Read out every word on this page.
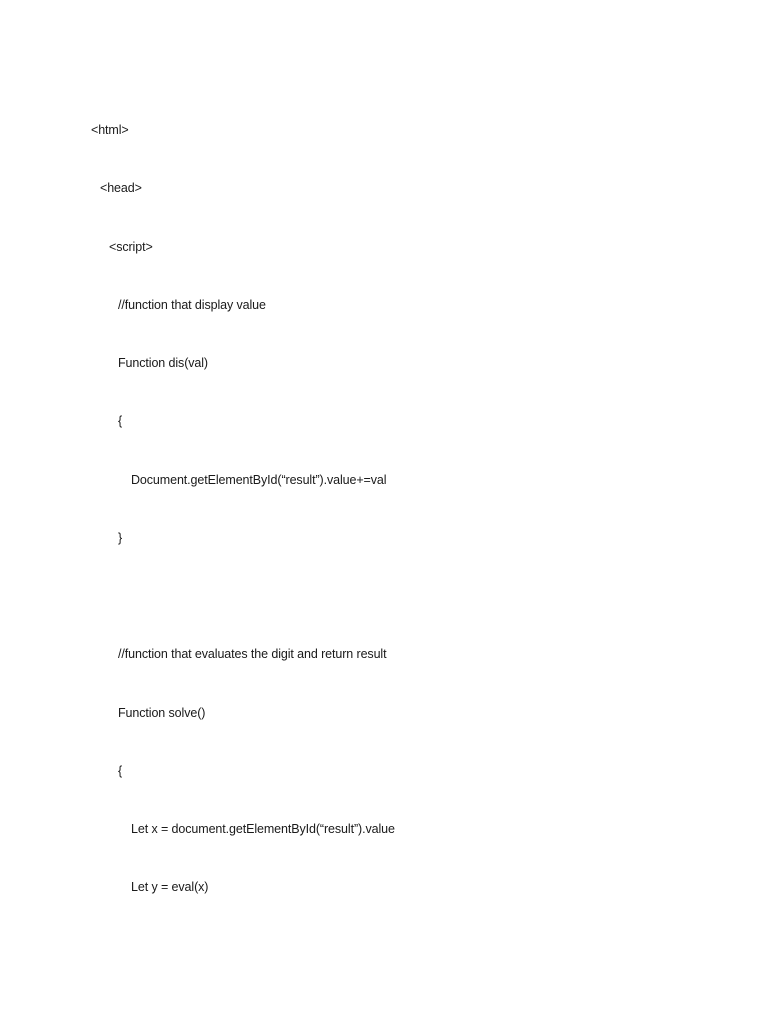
<html>
<head>
<script>
//function that display value
Function dis(val)
{
Document.getElementById(“result”).value+=val
}
//function that evaluates the digit and return result
Function solve()
{
Let x = document.getElementById(“result”).value
Let y = eval(x)
